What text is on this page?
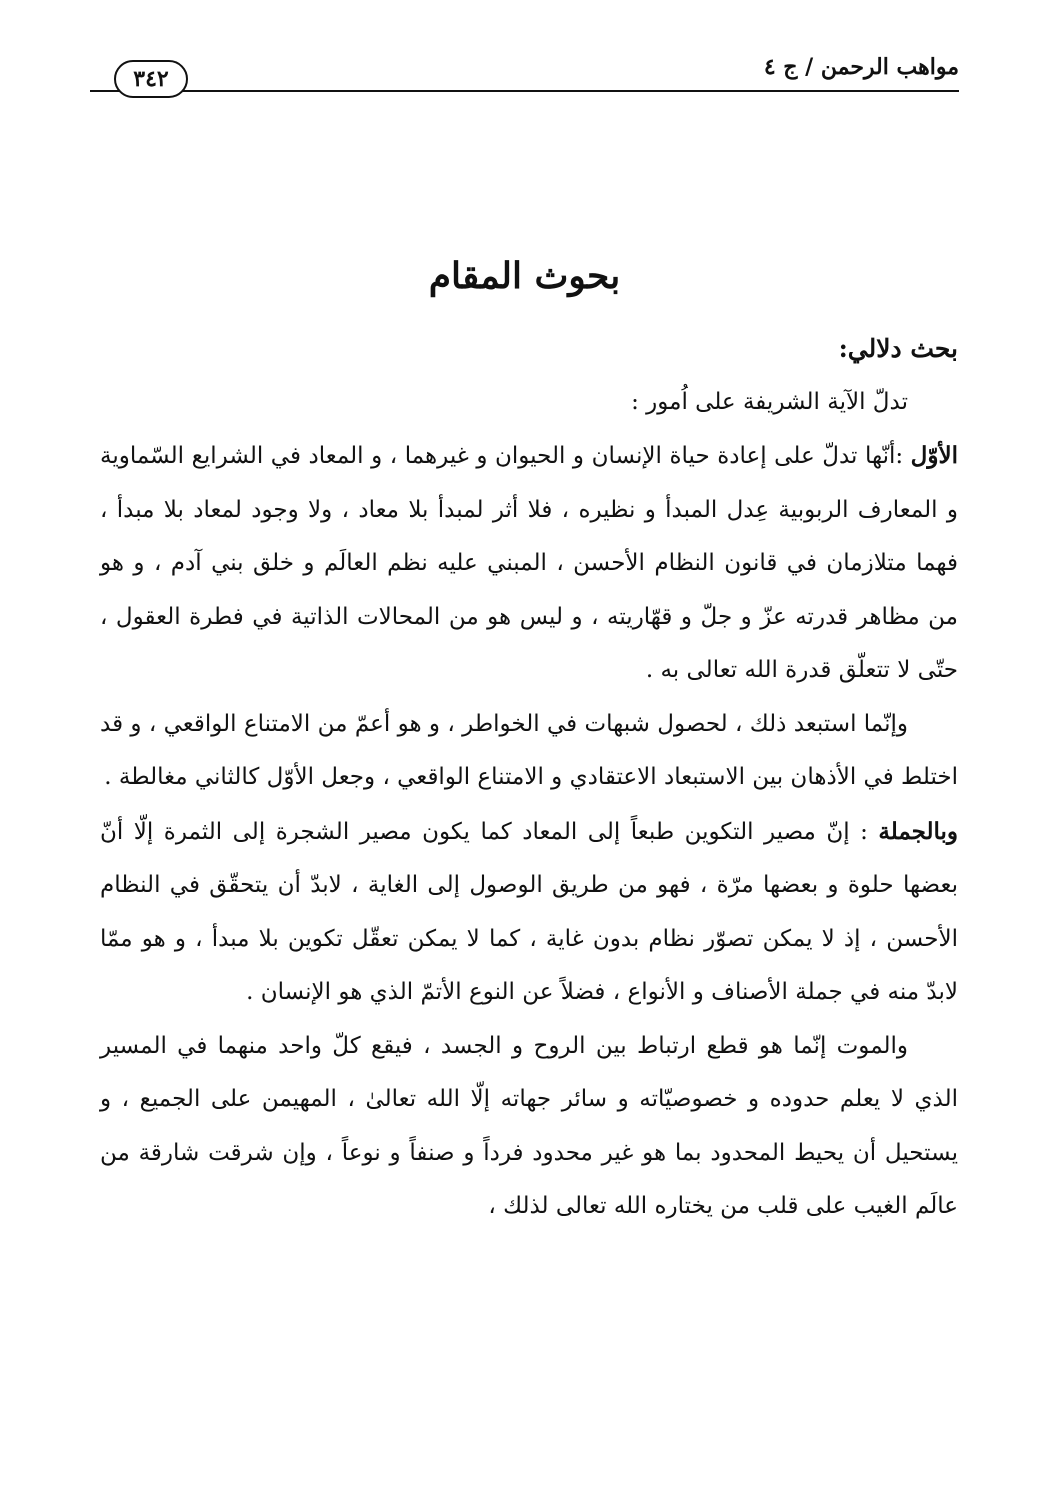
مواهب الرحمن / ج ٤
٣٤٢
بحوث المقام

بحث دلالي:

تدلّ الآية الشريفة على اُمور :

الأوّل :أنّها تدلّ على إعادة حياة الإنسان و الحيوان و غيرهما ، و المعاد في الشرايع السّماوية و المعارف الربوبية عِدل المبدأ و نظيره ، فلا أثر لمبدأ بلا معاد ، ولا وجود لمعاد بلا مبدأ ، فهما متلازمان في قانون النظام الأحسن ، المبني عليه نظم العالَم و خلق بني آدم ، و هو من مظاهر قدرته عزّ و جلّ و قهّاريته ، و ليس هو من المحالات الذاتية في فطرة العقول ، حتّى لا تتعلّق قدرة الله تعالى به .

وإنّما استبعد ذلك ، لحصول شبهات في الخواطر ، و هو أعمّ من الامتناع الواقعي ، و قد اختلط في الأذهان بين الاستبعاد الاعتقادي و الامتناع الواقعي ، وجعل الأوّل كالثاني مغالطة .

وبالجملة : إنّ مصير التكوين طبعاً إلى المعاد كما يكون مصير الشجرة إلى الثمرة إلّا أنّ بعضها حلوة و بعضها مرّة ، فهو من طريق الوصول إلى الغاية ، لابدّ أن يتحقّق في النظام الأحسن ، إذ لا يمكن تصوّر نظام بدون غاية ، كما لا يمكن تعقّل تكوين بلا مبدأ ، و هو ممّا لابدّ منه في جملة الأصناف و الأنواع ، فضلاً عن النوع الأتمّ الذي هو الإنسان .

والموت إنّما هو قطع ارتباط بين الروح و الجسد ، فيقع كلّ واحد منهما في المسير الذي لا يعلم حدوده و خصوصيّاته و سائر جهاته إلّا الله تعالىٰ ، المهيمن على الجميع ، و يستحيل أن يحيط المحدود بما هو غير محدود فرداً و صنفاً و نوعاً ، وإن شرقت شارقة من عالَم الغيب على قلب من يختاره الله تعالى لذلك ،
